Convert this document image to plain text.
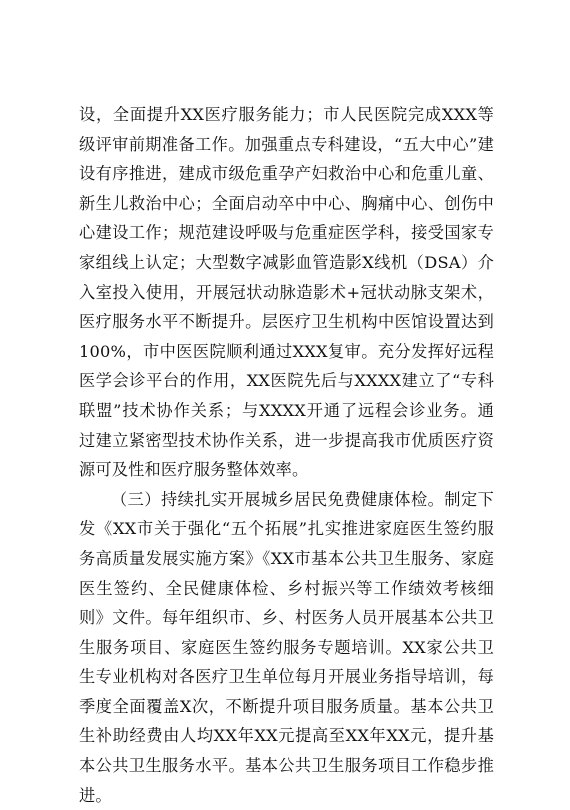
设，全面提升XX医疗服务能力；市人民医院完成XXX等级评审前期准备工作。加强重点专科建设，“五大中心”建设有序推进，建成市级危重孕产妇救治中心和危重儿童、新生儿救治中心；全面启动卒中中心、胸痛中心、创伤中心建设工作；规范建设呼吸与危重症医学科，接受国家专家组线上认定；大型数字减影血管造影X线机（DSA）介入室投入使用，开展冠状动脉造影术+冠状动脉支架术，医疗服务水平不断提升。层医疗卫生机构中医馆设置达到100%，市中医医院顺利通过XXX复审。充分发挥好远程医学会诊平台的作用，XX医院先后与XXXX建立了“专科联盟”技术协作关系；与XXXX开通了远程会诊业务。通过建立紧密型技术协作关系，进一步提高我市优质医疗资源可及性和医疗服务整体效率。

（三）持续扎实开展城乡居民免费健康体检。制定下发《XX市关于强化“五个拓展”扎实推进家庭医生签约服务高质量发展实施方案》《XX市基本公共卫生服务、家庭医生签约、全民健康体检、乡村振兴等工作绩效考核细则》文件。每年组织市、乡、村医务人员开展基本公共卫生服务项目、家庭医生签约服务专题培训。XX家公共卫生专业机构对各医疗卫生单位每月开展业务指导培训，每季度全面覆盖X次，不断提升项目服务质量。基本公共卫生补助经费由人均XX年XX元提高至XX年XX元，提升基本公共卫生服务水平。基本公共卫生服务项目工作稳步推进。
